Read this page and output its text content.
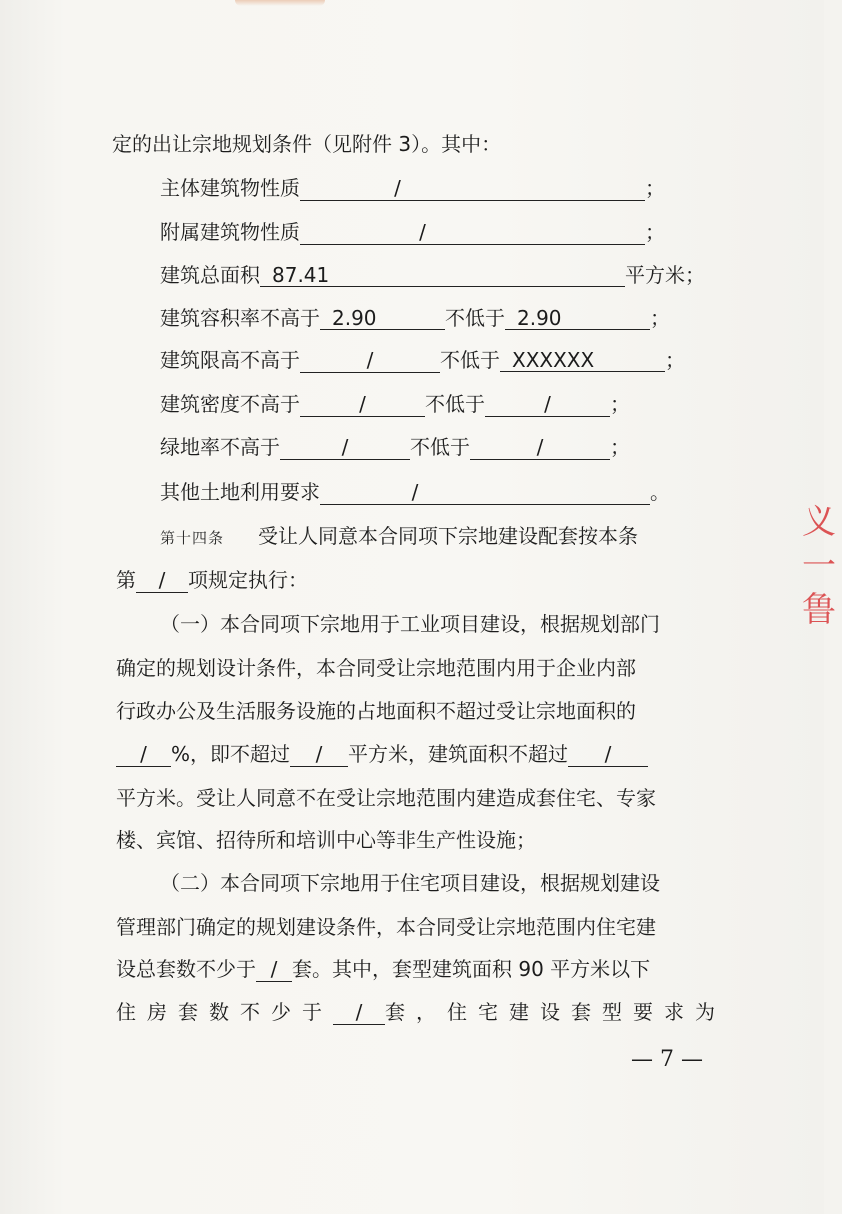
义 一 鲁
定的出让宗地规划条件（见附件 3）。其中：
主体建筑物性质	/	；
附属建筑物性质	/	；
建筑总面积 87.41	平方米；
建筑容积率不高于 2.90	不低于 2.90	；
建筑限高不高于	/	不低于 XXXXXX	；
建筑密度不高于	/	不低于	/	；
绿地率不高于	/	不低于	/	；
其他土地利用要求	/	。
第十四条 受让人同意本合同项下宗地建设配套按本条
第 / 项规定执行：
（一）本合同项下宗地用于工业项目建设，根据规划部门
确定的规划设计条件，本合同受让宗地范围内用于企业内部
行政办公及生活服务设施的占地面积不超过受让宗地面积的
/ %，即不超过 / 平方米，建筑面积不超过 /
平方米。受让人同意不在受让宗地范围内建造成套住宅、专家
楼、宾馆、招待所和培训中心等非生产性设施；
（二）本合同项下宗地用于住宅项目建设，根据规划建设
管理部门确定的规划建设条件，本合同受让宗地范围内住宅建
设总套数不少于 / 套。其中，套型建筑面积 90 平方米以下
住房套数不少于 / 套，住宅建设套型要求为
— 7 —
